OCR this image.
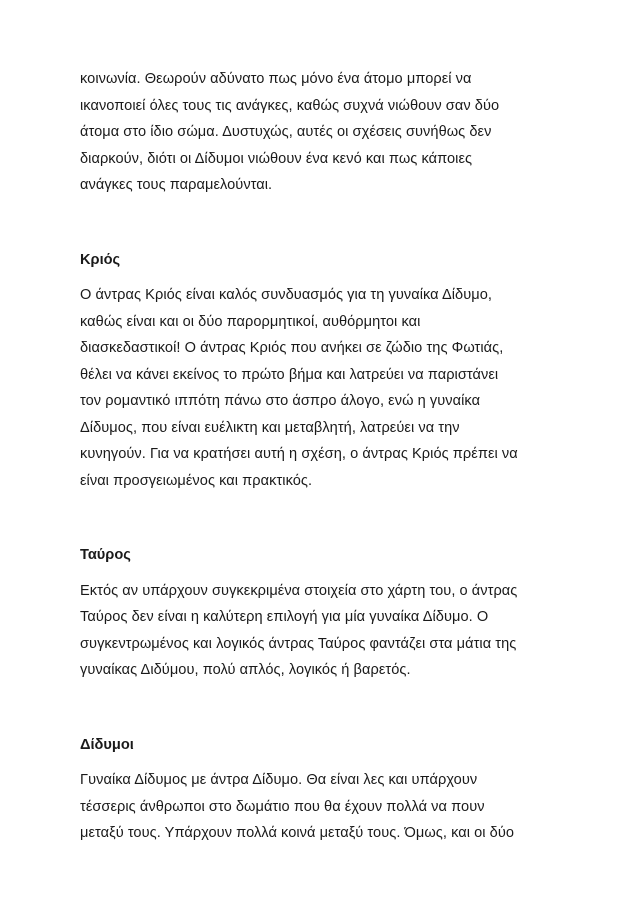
κοινωνία. Θεωρούν αδύνατο πως μόνο ένα άτομο μπορεί να
ικανοποιεί όλες τους τις ανάγκες, καθώς συχνά νιώθουν σαν δύο
άτομα στο ίδιο σώμα. Δυστυχώς, αυτές οι σχέσεις συνήθως δεν
διαρκούν, διότι οι Δίδυμοι νιώθουν ένα κενό και πως κάποιες
ανάγκες τους παραμελούνται.

Κριός

Ο άντρας Κριός είναι καλός συνδυασμός για τη γυναίκα Δίδυμο,
καθώς είναι και οι δύο παρορμητικοί, αυθόρμητοι και
διασκεδαστικοί! Ο άντρας Κριός που ανήκει σε ζώδιο της Φωτιάς,
θέλει να κάνει εκείνος το πρώτο βήμα και λατρεύει να παριστάνει
τον ρομαντικό ιππότη πάνω στο άσπρο άλογο, ενώ η γυναίκα
Δίδυμος, που είναι ευέλικτη και μεταβλητή, λατρεύει να την
κυνηγούν. Για να κρατήσει αυτή η σχέση, ο άντρας Κριός πρέπει να
είναι προσγειωμένος και πρακτικός.

Ταύρος

Εκτός αν υπάρχουν συγκεκριμένα στοιχεία στο χάρτη του, ο άντρας
Ταύρος δεν είναι η καλύτερη επιλογή για μία γυναίκα Δίδυμο. Ο
συγκεντρωμένος και λογικός άντρας Ταύρος φαντάζει στα μάτια της
γυναίκας Διδύμου, πολύ απλός, λογικός ή βαρετός.

Δίδυμοι

Γυναίκα Δίδυμος με άντρα Δίδυμο. Θα είναι λες και υπάρχουν
τέσσερις άνθρωποι στο δωμάτιο που θα έχουν πολλά να πουν
μεταξύ τους. Υπάρχουν πολλά κοινά μεταξύ τους. Όμως, και οι δύο
